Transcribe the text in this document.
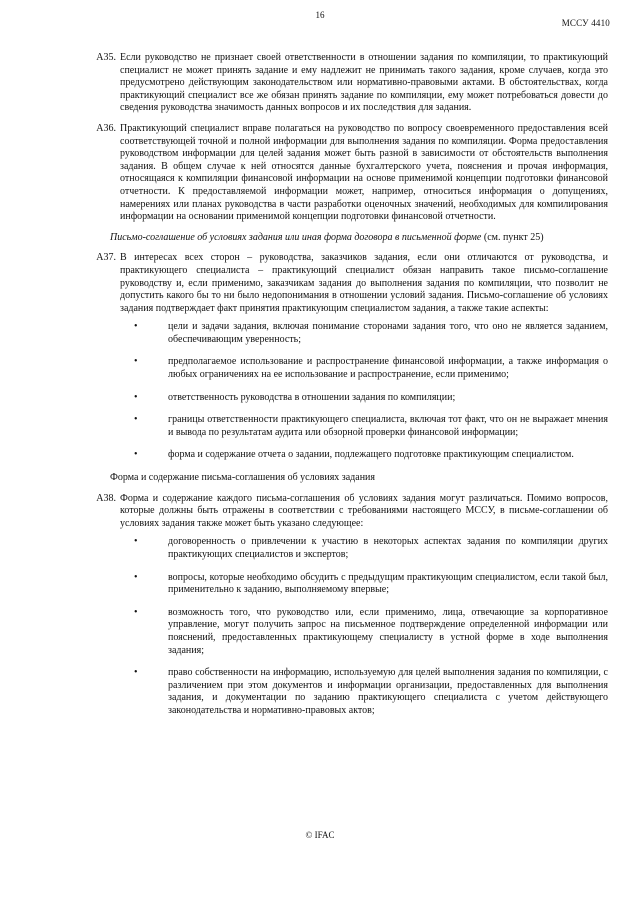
16
МССУ 4410
A35. Если руководство не признает своей ответственности в отношении задания по компиляции, то практикующий специалист не может принять задание и ему надлежит не принимать такого задания, кроме случаев, когда это предусмотрено действующим законодательством или нормативно-правовыми актами. В обстоятельствах, когда практикующий специалист все же обязан принять задание по компиляции, ему может потребоваться довести до сведения руководства значимость данных вопросов и их последствия для задания.
A36. Практикующий специалист вправе полагаться на руководство по вопросу своевременного предоставления всей соответствующей точной и полной информации для выполнения задания по компиляции. Форма предоставления руководством информации для целей задания может быть разной в зависимости от обстоятельств выполнения задания. В общем случае к ней относятся данные бухгалтерского учета, пояснения и прочая информация, относящаяся к компиляции финансовой информации на основе применимой концепции подготовки финансовой отчетности. К предоставляемой информации может, например, относиться информация о допущениях, намерениях или планах руководства в части разработки оценочных значений, необходимых для компилирования информации на основании применимой концепции подготовки финансовой отчетности.
Письмо-соглашение об условиях задания или иная форма договора в письменной форме (см. пункт 25)
A37. В интересах всех сторон – руководства, заказчиков задания, если они отличаются от руководства, и практикующего специалиста – практикующий специалист обязан направить такое письмо-соглашение руководству и, если применимо, заказчикам задания до выполнения задания по компиляции, что позволит не допустить какого бы то ни было недопонимания в отношении условий задания. Письмо-соглашение об условиях задания подтверждает факт принятия практикующим специалистом задания, а также такие аспекты:
•	цели и задачи задания, включая понимание сторонами задания того, что оно не является заданием, обеспечивающим уверенность;
•	предполагаемое использование и распространение финансовой информации, а также информация о любых ограничениях на ее использование и распространение, если применимо;
•	ответственность руководства в отношении задания по компиляции;
•	границы ответственности практикующего специалиста, включая тот факт, что он не выражает мнения и вывода по результатам аудита или обзорной проверки финансовой информации;
•	форма и содержание отчета о задании, подлежащего подготовке практикующим специалистом.
Форма и содержание письма-соглашения об условиях задания
A38. Форма и содержание каждого письма-соглашения об условиях задания могут различаться. Помимо вопросов, которые должны быть отражены в соответствии с требованиями настоящего МССУ, в письме-соглашении об условиях задания также может быть указано следующее:
•	договоренность о привлечении к участию в некоторых аспектах задания по компиляции других практикующих специалистов и экспертов;
•	вопросы, которые необходимо обсудить с предыдущим практикующим специалистом, если такой был, применительно к заданию, выполняемому впервые;
•	возможность того, что руководство или, если применимо, лица, отвечающие за корпоративное управление, могут получить запрос на письменное подтверждение определенной информации или пояснений, предоставленных практикующему специалисту в устной форме в ходе выполнения задания;
•	право собственности на информацию, используемую для целей выполнения задания по компиляции, с различением при этом документов и информации организации, предоставленных для выполнения задания, и документации по заданию практикующего специалиста с учетом действующего законодательства и нормативно-правовых актов;
© IFAC
